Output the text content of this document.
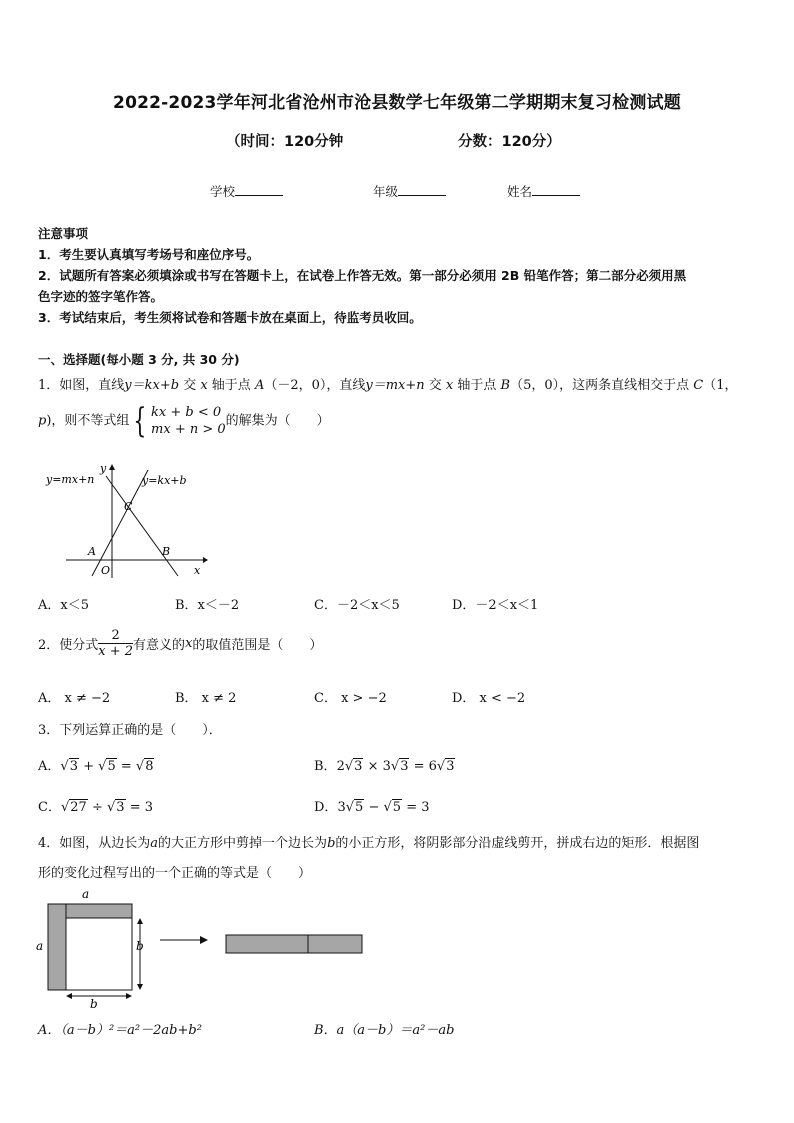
2022-2023学年河北省沧州市沧县数学七年级第二学期期末复习检测试题
（时间：120分钟	分数：120分）
学校	年级	姓名
注意事项
1．考生要认真填写考场号和座位序号。
2．试题所有答案必须填涂或书写在答题卡上，在试卷上作答无效。第一部分必须用 2B 铅笔作答；第二部分必须用黑
色字迹的签字笔作答。
3．考试结束后，考生须将试卷和答题卡放在桌面上，待监考员收回。
一、选择题(每小题 3 分, 共 30 分)
1．如图，直线y＝kx+b 交 x 轴于点 A（－2，0），直线y＝mx+n 交 x 轴于点 B（5，0），这两条直线相交于点 C（1，
p)，则不等式组 { kx + b < 0
mx + n > 0
的解集为（　　）
y=mx+n	y=kx+b
y
x
C
A	B
O
A．x＜5	B．x＜－2	C．－2＜x＜5	D．－2＜x＜1
2．使分式 $\frac{2}{x + 2}$ 有意义的x的取值范围是（　　）
A． x ≠ −2	B． x ≠ 2	C． x > −2	D． x < −2
3．下列运算正确的是（　　）．
A．√3 + √5 = √8	B．2√3 × 3√3 = 6√3
C．√27 ÷ √3 = 3	D．3√5 − √5 = 3
4．如图，从边长为a的大正方形中剪掉一个边长为b的小正方形，将阴影部分沿虚线剪开，拼成右边的矩形．根据图
形的变化过程写出的一个正确的等式是（　　）
a
a	b
b
A．（a－b）²＝a²－2ab+b²	B．a（a－b）＝a²－ab
